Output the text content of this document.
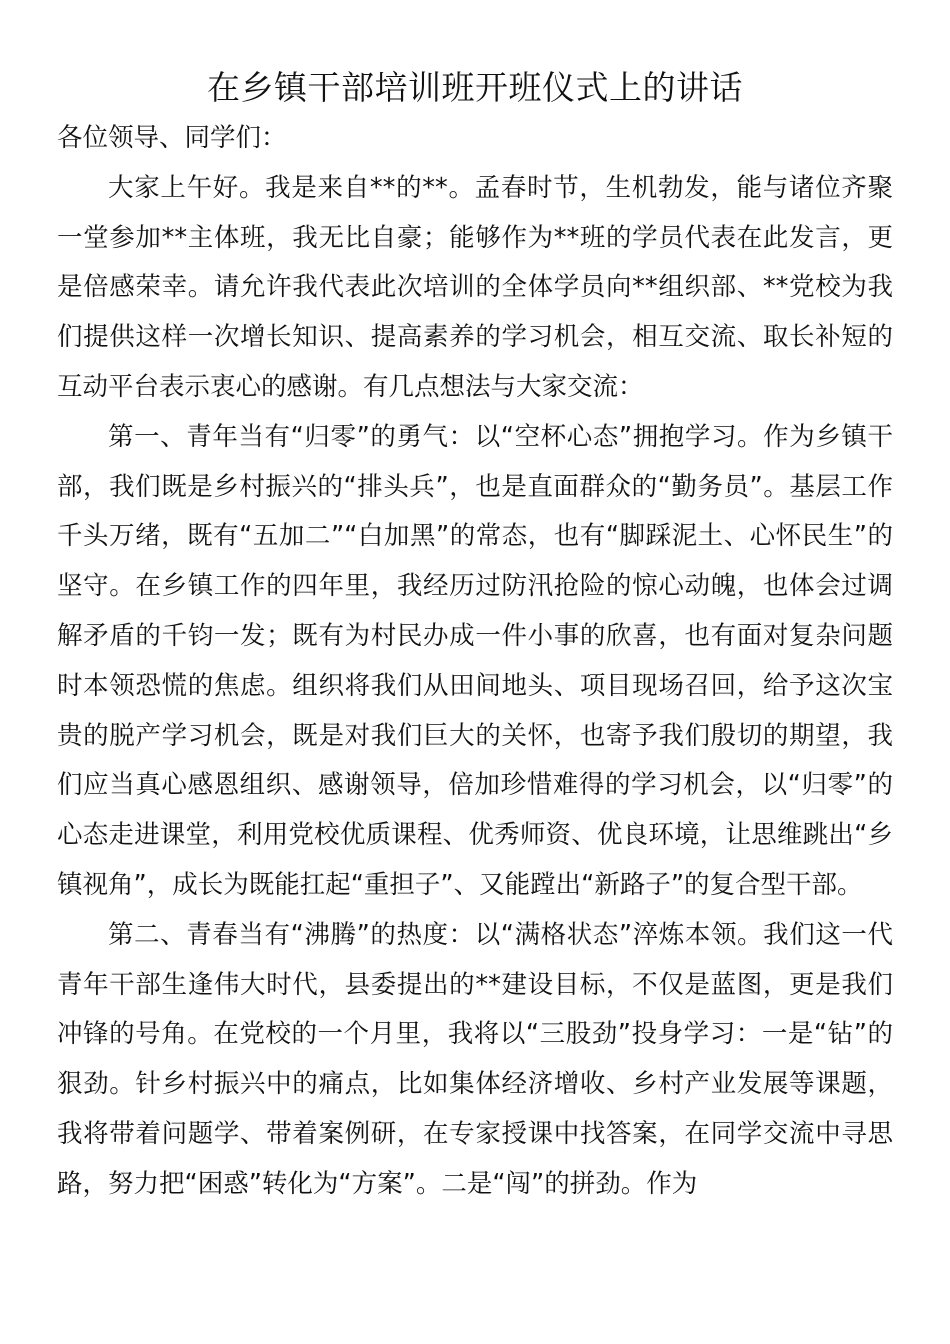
在乡镇干部培训班开班仪式上的讲话

各位领导、同学们：

大家上午好。我是来自**的**。孟春时节，生机勃发，能与诸位齐聚一堂参加**主体班，我无比自豪；能够作为**班的学员代表在此发言，更是倍感荣幸。请允许我代表此次培训的全体学员向**组织部、**党校为我们提供这样一次增长知识、提高素养的学习机会，相互交流、取长补短的互动平台表示衷心的感谢。有几点想法与大家交流：

第一、青年当有“归零”的勇气：以“空杯心态”拥抱学习。作为乡镇干部，我们既是乡村振兴的“排头兵”，也是直面群众的“勤务员”。基层工作千头万绪，既有“五加二”“白加黑”的常态，也有“脚踩泥土、心怀民生”的坚守。在乡镇工作的四年里，我经历过防汛抢险的惊心动魄，也体会过调解矛盾的千钧一发；既有为村民办成一件小事的欣喜，也有面对复杂问题时本领恐慌的焦虑。组织将我们从田间地头、项目现场召回，给予这次宝贵的脱产学习机会，既是对我们巨大的关怀，也寄予我们殷切的期望，我们应当真心感恩组织、感谢领导，倍加珍惜难得的学习机会，以“归零”的心态走进课堂，利用党校优质课程、优秀师资、优良环境，让思维跳出“乡镇视角”，成长为既能扛起“重担子”、又能蹚出“新路子”的复合型干部。

第二、青春当有“沸腾”的热度：以“满格状态”淬炼本领。我们这一代青年干部生逢伟大时代，县委提出的**建设目标，不仅是蓝图，更是我们冲锋的号角。在党校的一个月里，我将以“三股劲”投身学习：一是“钻”的狠劲。针乡村振兴中的痛点，比如集体经济增收、乡村产业发展等课题，我将带着问题学、带着案例研，在专家授课中找答案，在同学交流中寻思路，努力把“困惑”转化为“方案”。二是“闯”的拼劲。作为
